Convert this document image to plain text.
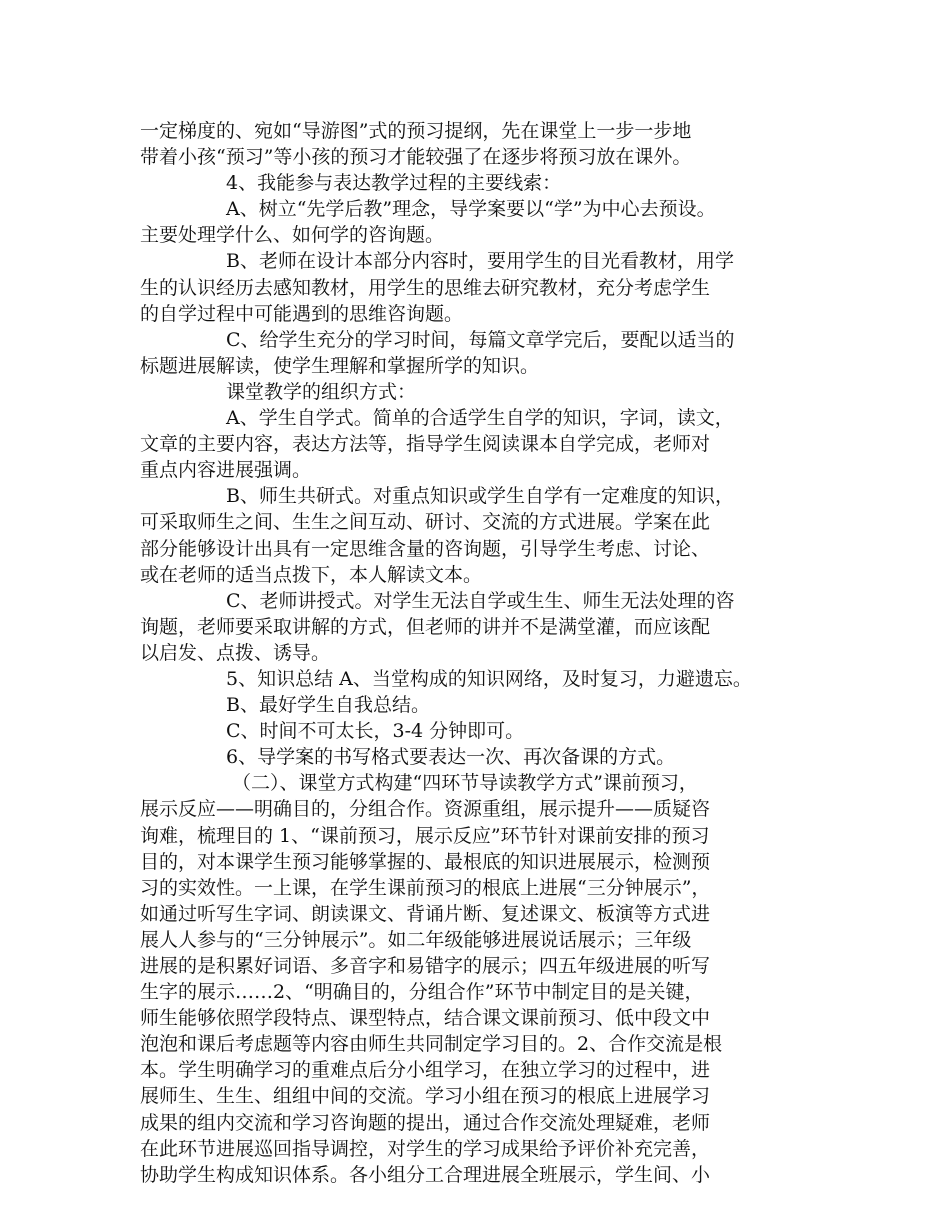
一定梯度的、宛如“导游图”式的预习提纲，先在课堂上一步一步地
带着小孩“预习”等小孩的预习才能较强了在逐步将预习放在课外。
4、我能参与表达教学过程的主要线索：
A、树立“先学后教”理念，导学案要以“学”为中心去预设。
主要处理学什么、如何学的咨询题。
B、老师在设计本部分内容时，要用学生的目光看教材，用学
生的认识经历去感知教材，用学生的思维去研究教材，充分考虑学生
的自学过程中可能遇到的思维咨询题。
C、给学生充分的学习时间，每篇文章学完后，要配以适当的
标题进展解读，使学生理解和掌握所学的知识。
课堂教学的组织方式：
A、学生自学式。简单的合适学生自学的知识，字词，读文，
文章的主要内容，表达方法等，指导学生阅读课本自学完成，老师对
重点内容进展强调。
B、师生共研式。对重点知识或学生自学有一定难度的知识，
可采取师生之间、生生之间互动、研讨、交流的方式进展。学案在此
部分能够设计出具有一定思维含量的咨询题，引导学生考虑、讨论、
或在老师的适当点拨下，本人解读文本。
C、老师讲授式。对学生无法自学或生生、师生无法处理的咨
询题，老师要采取讲解的方式，但老师的讲并不是满堂灌，而应该配
以启发、点拨、诱导。
5、知识总结 A、当堂构成的知识网络，及时复习，力避遗忘。
B、最好学生自我总结。
C、时间不可太长，3-4 分钟即可。
6、导学案的书写格式要表达一次、再次备课的方式。
（二）、课堂方式构建“四环节导读教学方式”课前预习，
展示反应——明确目的，分组合作。资源重组，展示提升——质疑咨
询难，梳理目的 1、“课前预习，展示反应”环节针对课前安排的预习
目的，对本课学生预习能够掌握的、最根底的知识进展展示，检测预
习的实效性。一上课，在学生课前预习的根底上进展“三分钟展示”，
如通过听写生字词、朗读课文、背诵片断、复述课文、板演等方式进
展人人参与的“三分钟展示”。如二年级能够进展说话展示；三年级
进展的是积累好词语、多音字和易错字的展示；四五年级进展的听写
生字的展示……2、“明确目的，分组合作”环节中制定目的是关键，
师生能够依照学段特点、课型特点，结合课文课前预习、低中段文中
泡泡和课后考虑题等内容由师生共同制定学习目的。2、合作交流是根
本。学生明确学习的重难点后分小组学习，在独立学习的过程中，进
展师生、生生、组组中间的交流。学习小组在预习的根底上进展学习
成果的组内交流和学习咨询题的提出，通过合作交流处理疑难，老师
在此环节进展巡回指导调控，对学生的学习成果给予评价补充完善，
协助学生构成知识体系。各小组分工合理进展全班展示，学生间、小
